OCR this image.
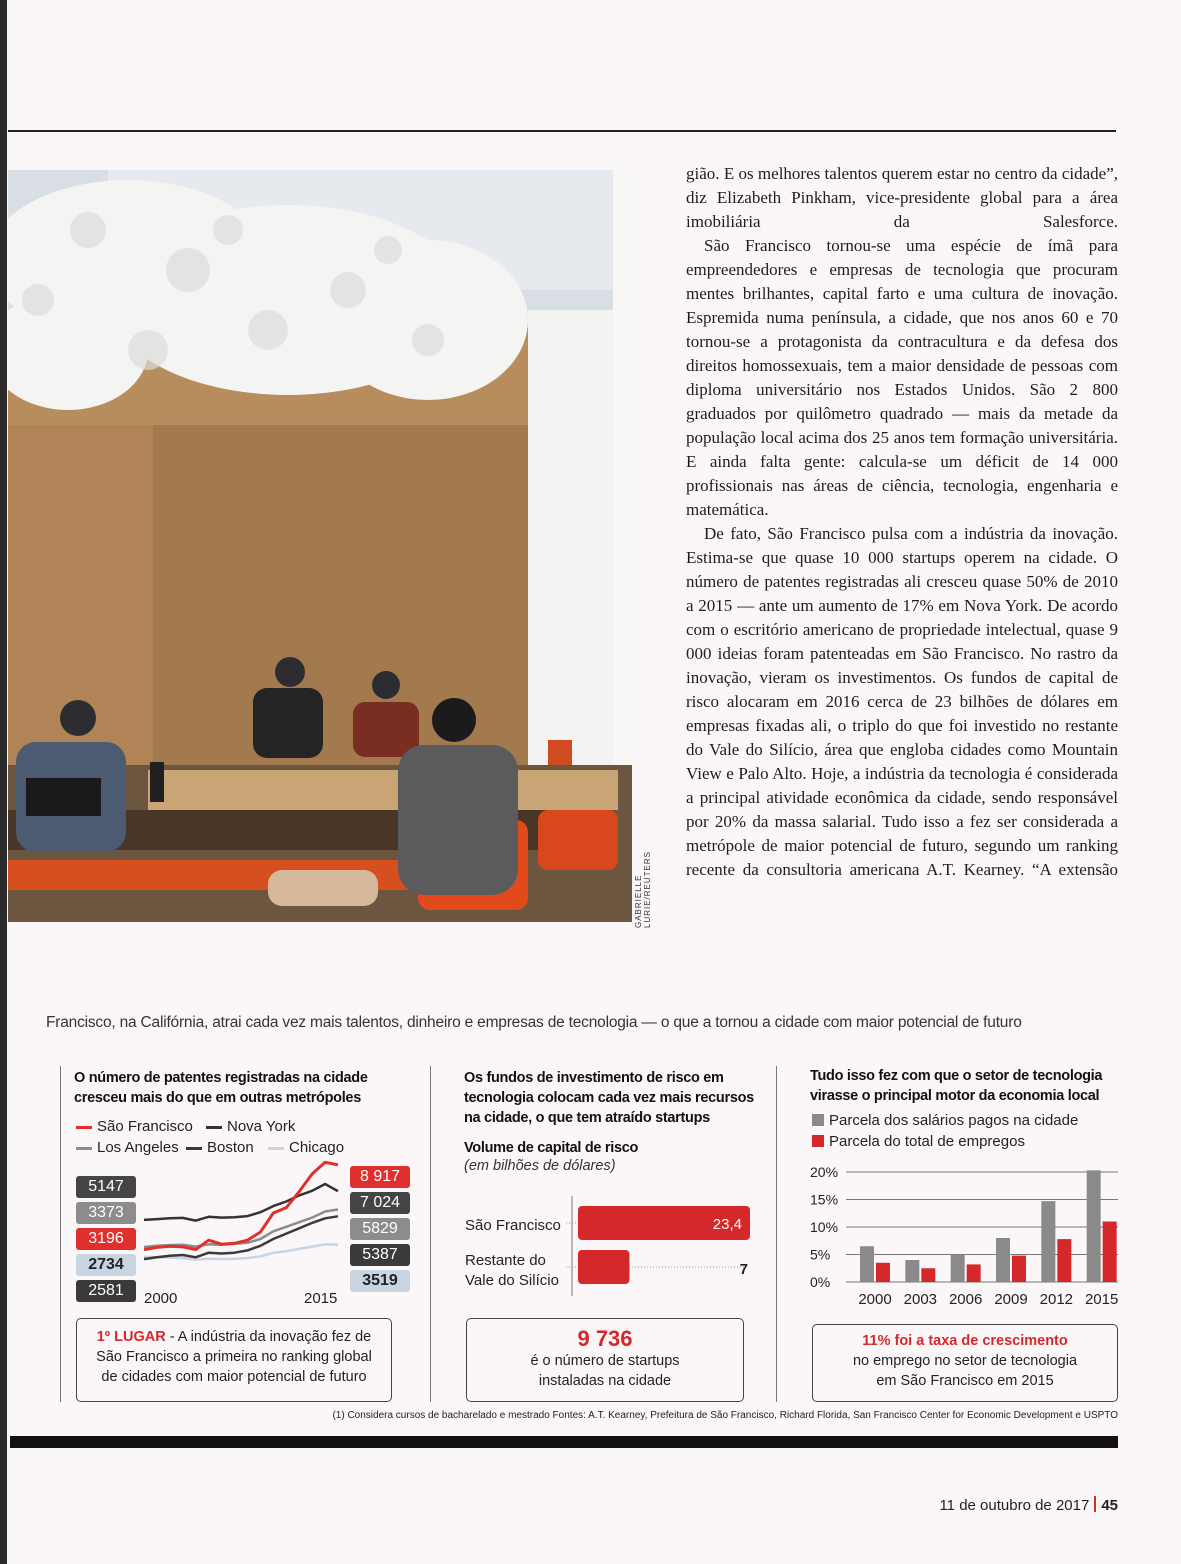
GABRIELLE LURIE/REUTERS

gião. E os melhores talentos querem estar no centro da cidade”, diz Elizabeth Pinkham, vice-presidente global para a área imobiliária da Salesforce.

São Francisco tornou-se uma espécie de ímã para empreendedores e empresas de tecnologia que procuram mentes brilhantes, capital farto e uma cultura de inovação. Espremida numa península, a cidade, que nos anos 60 e 70 tornou-se a protagonista da contracultura e da defesa dos direitos homossexuais, tem a maior densidade de pessoas com diploma universitário nos Estados Unidos. São 2 800 graduados por quilômetro quadrado — mais da metade da população local acima dos 25 anos tem formação universitária. E ainda falta gente: calcula-se um déficit de 14 000 profissionais nas áreas de ciência, tecnologia, engenharia e matemática.

De fato, São Francisco pulsa com a indústria da inovação. Estima-se que quase 10 000 startups operem na cidade. O número de patentes registradas ali cresceu quase 50% de 2010 a 2015 — ante um aumento de 17% em Nova York. De acordo com o escritório americano de propriedade intelectual, quase 9 000 ideias foram patenteadas em São Francisco. No rastro da inovação, vieram os investimentos. Os fundos de capital de risco alocaram em 2016 cerca de 23 bilhões de dólares em empresas fixadas ali, o triplo do que foi investido no restante do Vale do Silício, área que engloba cidades como Mountain View e Palo Alto. Hoje, a indústria da tecnologia é considerada a principal atividade econômica da cidade, sendo responsável por 20% da massa salarial. Tudo isso a fez ser considerada a metrópole de maior potencial de futuro, segundo um ranking recente da consultoria americana A.T. Kearney. “A extensão

Francisco, na Califórnia, atrai cada vez mais talentos, dinheiro e empresas de tecnologia — o que a tornou a cidade com maior potencial de futuro
O número de patentes registradas na cidade
cresceu mais do que em outras metrópoles
São Francisco	Nova York
Los Angeles	Boston	Chicago
5147
3373
3196
2734
2581
8 917
7 024
5829
5387
3519
2000	2015
1º LUGAR - A indústria da inovação fez de
São Francisco a primeira no ranking global
de cidades com maior potencial de futuro
Os fundos de investimento de risco em
tecnologia colocam cada vez mais recursos
na cidade, o que tem atraído startups
Volume de capital de risco
(em bilhões de dólares)
São Francisco	23,4
Restante do
Vale do Silício
7
9 736
é o número de startups
instaladas na cidade
Tudo isso fez com que o setor de tecnologia
virasse o principal motor da economia local
Parcela dos salários pagos na cidade
Parcela do total de empregos
20%
15%
10%
5%
0%
2000 2003 2006 2009 2012 2015
11% foi a taxa de crescimento
no emprego no setor de tecnologia
em São Francisco em 2015
(1) Considera cursos de bacharelado e mestrado Fontes: A.T. Kearney, Prefeitura de São Francisco, Richard Florida, San Francisco Center for Economic Development e USPTO
11 de outubro de 2017 45
